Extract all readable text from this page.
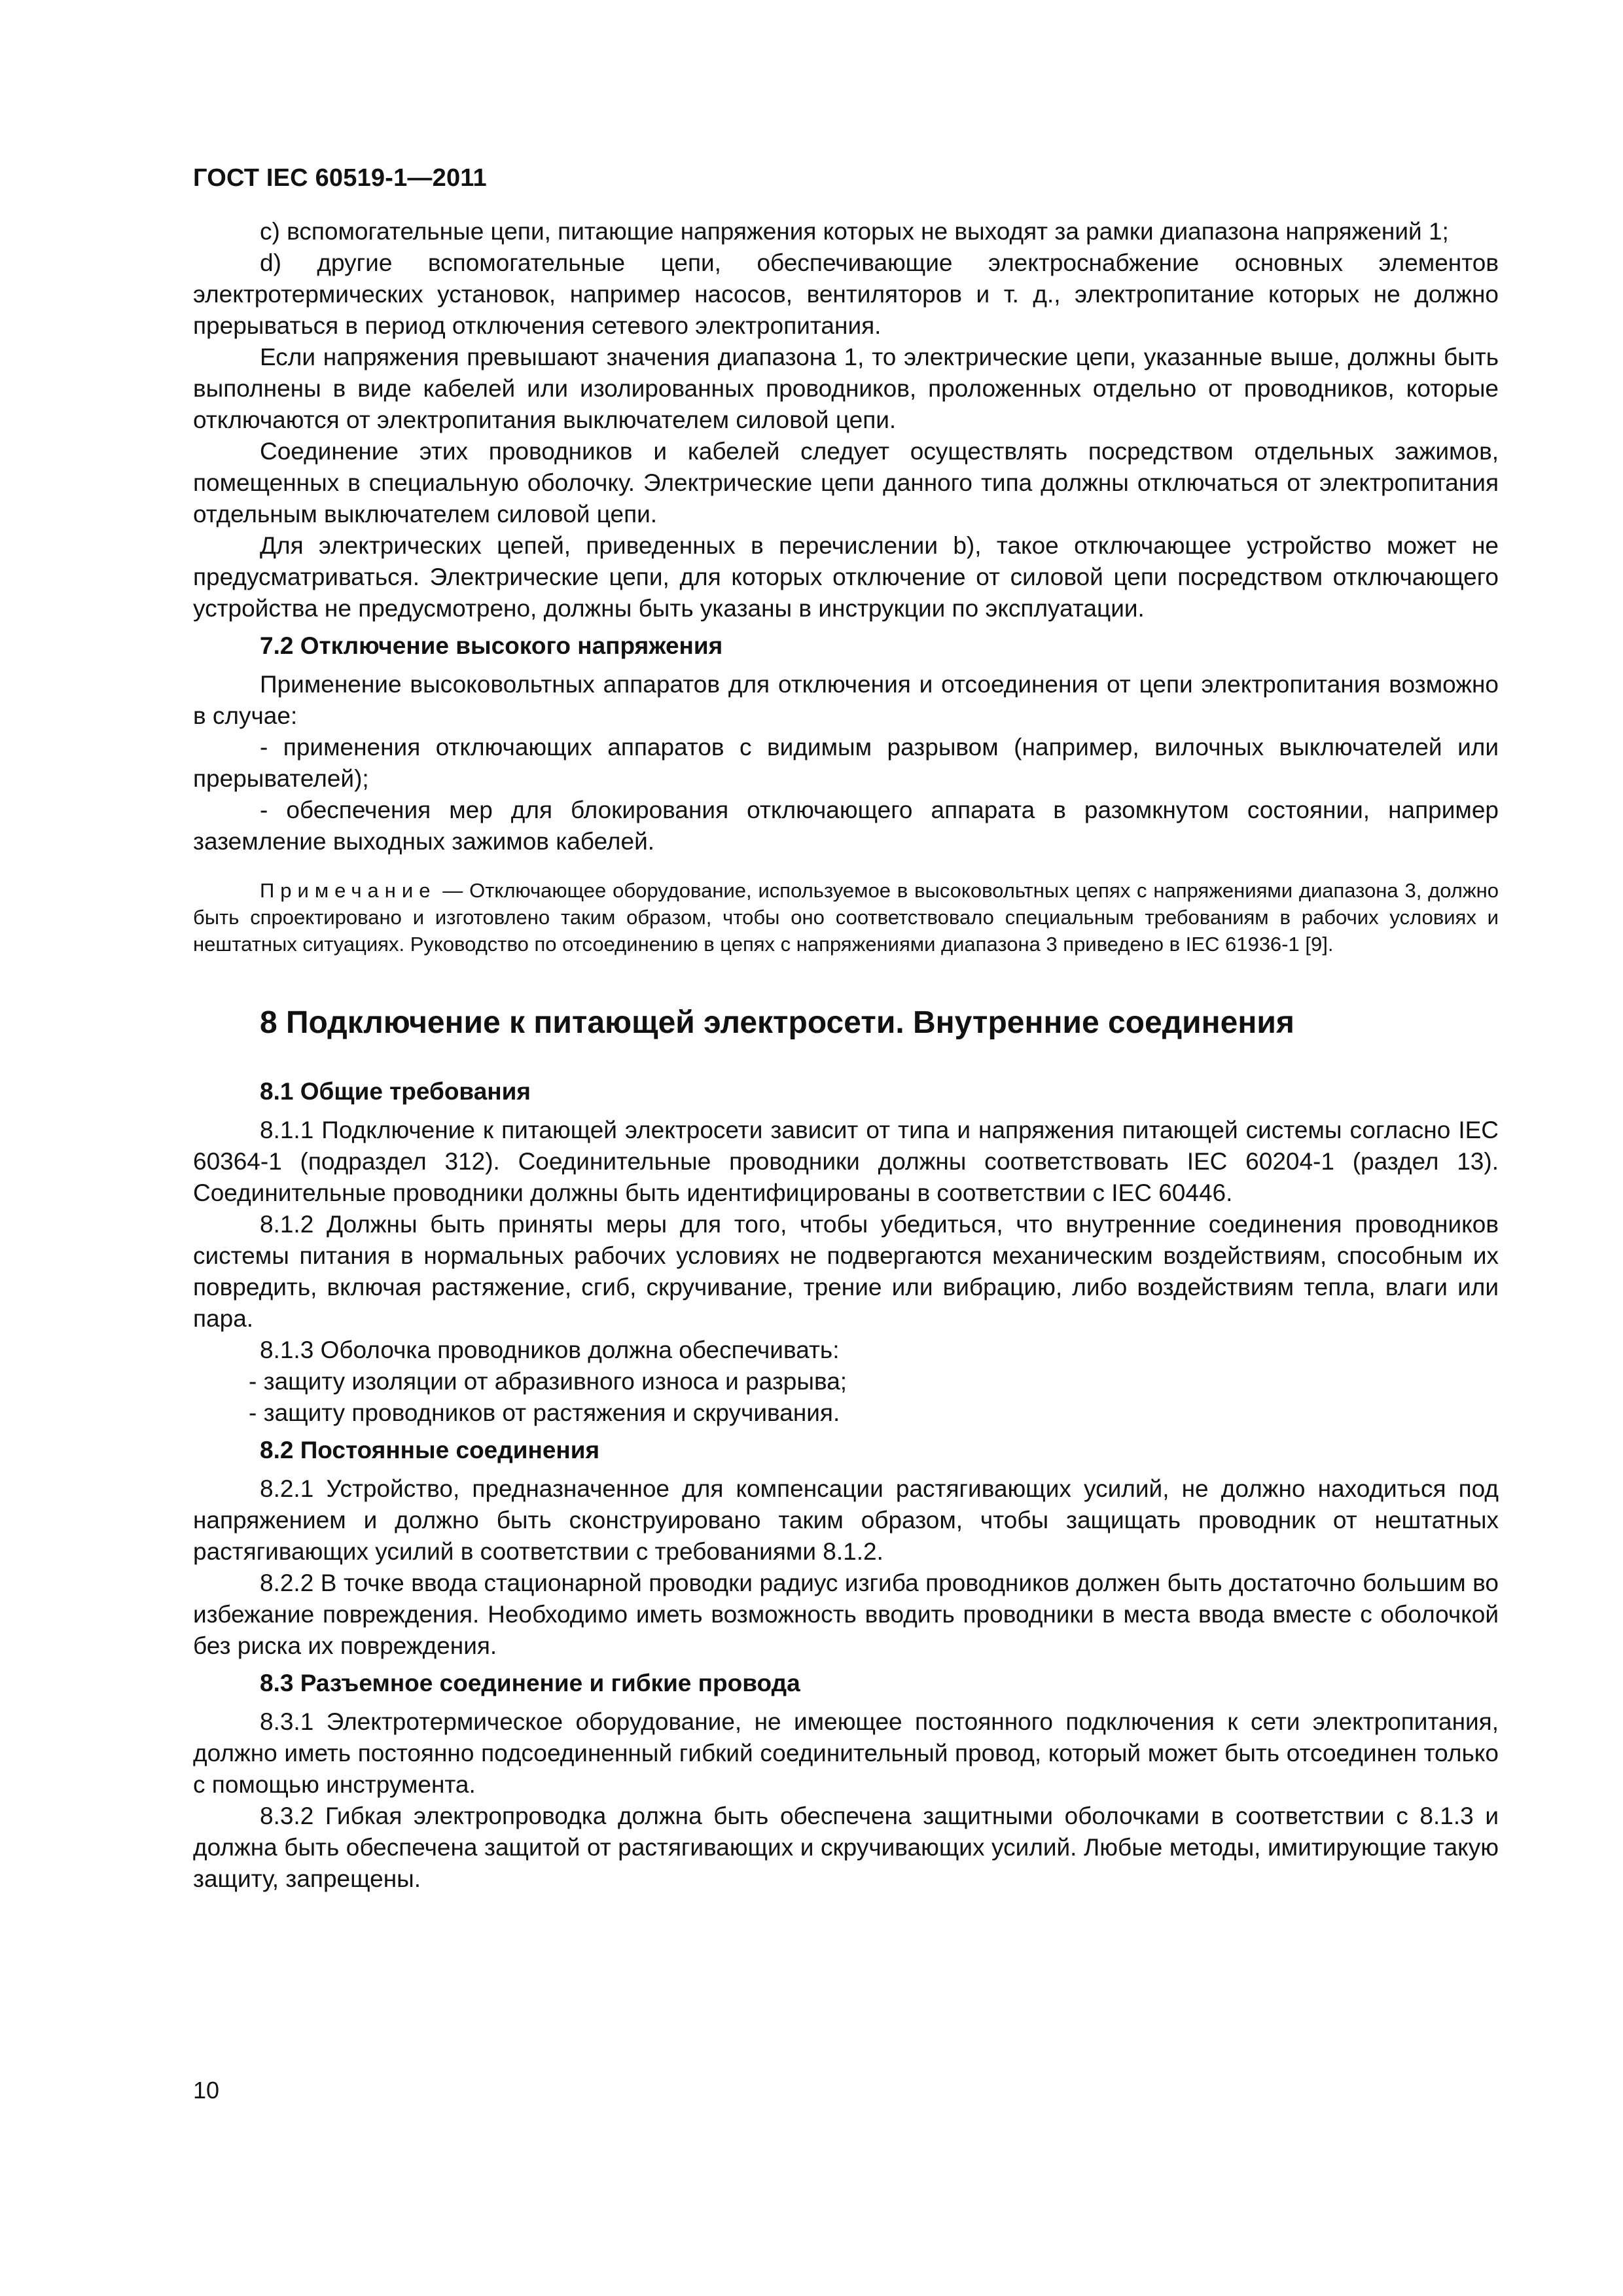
ГОСТ IEC 60519-1—2011

c) вспомогательные цепи, питающие напряжения которых не выходят за рамки диапазона напряжений 1;

d) другие вспомогательные цепи, обеспечивающие электроснабжение основных элементов электротермических установок, например насосов, вентиляторов и т. д., электропитание которых не должно прерываться в период отключения сетевого электропитания.

Если напряжения превышают значения диапазона 1, то электрические цепи, указанные выше, должны быть выполнены в виде кабелей или изолированных проводников, проложенных отдельно от проводников, которые отключаются от электропитания выключателем силовой цепи.

Соединение этих проводников и кабелей следует осуществлять посредством отдельных зажимов, помещенных в специальную оболочку. Электрические цепи данного типа должны отключаться от электропитания отдельным выключателем силовой цепи.

Для электрических цепей, приведенных в перечислении b), такое отключающее устройство может не предусматриваться. Электрические цепи, для которых отключение от силовой цепи посредством отключающего устройства не предусмотрено, должны быть указаны в инструкции по эксплуатации.

7.2 Отключение высокого напряжения

Применение высоковольтных аппаратов для отключения и отсоединения от цепи электропитания возможно в случае:

- применения отключающих аппаратов с видимым разрывом (например, вилочных выключателей или прерывателей);

- обеспечения мер для блокирования отключающего аппарата в разомкнутом состоянии, например заземление выходных зажимов кабелей.

Примечание — Отключающее оборудование, используемое в высоковольтных цепях с напряжениями диапазона 3, должно быть спроектировано и изготовлено таким образом, чтобы оно соответствовало специальным требованиям в рабочих условиях и нештатных ситуациях. Руководство по отсоединению в цепях с напряжениями диапазона 3 приведено в IEC 61936-1 [9].

8 Подключение к питающей электросети. Внутренние соединения
8.1 Общие требования

8.1.1 Подключение к питающей электросети зависит от типа и напряжения питающей системы согласно IEC 60364-1 (подраздел 312). Соединительные проводники должны соответствовать IEC 60204-1 (раздел 13). Соединительные проводники должны быть идентифицированы в соответствии с IEC 60446.

8.1.2 Должны быть приняты меры для того, чтобы убедиться, что внутренние соединения проводников системы питания в нормальных рабочих условиях не подвергаются механическим воздействиям, способным их повредить, включая растяжение, сгиб, скручивание, трение или вибрацию, либо воздействиям тепла, влаги или пара.

8.1.3 Оболочка проводников должна обеспечивать:

- защиту изоляции от абразивного износа и разрыва;

- защиту проводников от растяжения и скручивания.

8.2 Постоянные соединения

8.2.1 Устройство, предназначенное для компенсации растягивающих усилий, не должно находиться под напряжением и должно быть сконструировано таким образом, чтобы защищать проводник от нештатных растягивающих усилий в соответствии с требованиями 8.1.2.

8.2.2 В точке ввода стационарной проводки радиус изгиба проводников должен быть достаточно большим во избежание повреждения. Необходимо иметь возможность вводить проводники в места ввода вместе с оболочкой без риска их повреждения.

8.3 Разъемное соединение и гибкие провода

8.3.1 Электротермическое оборудование, не имеющее постоянного подключения к сети электропитания, должно иметь постоянно подсоединенный гибкий соединительный провод, который может быть отсоединен только с помощью инструмента.

8.3.2 Гибкая электропроводка должна быть обеспечена защитными оболочками в соответствии с 8.1.3 и должна быть обеспечена защитой от растягивающих и скручивающих усилий. Любые методы, имитирующие такую защиту, запрещены.

10
